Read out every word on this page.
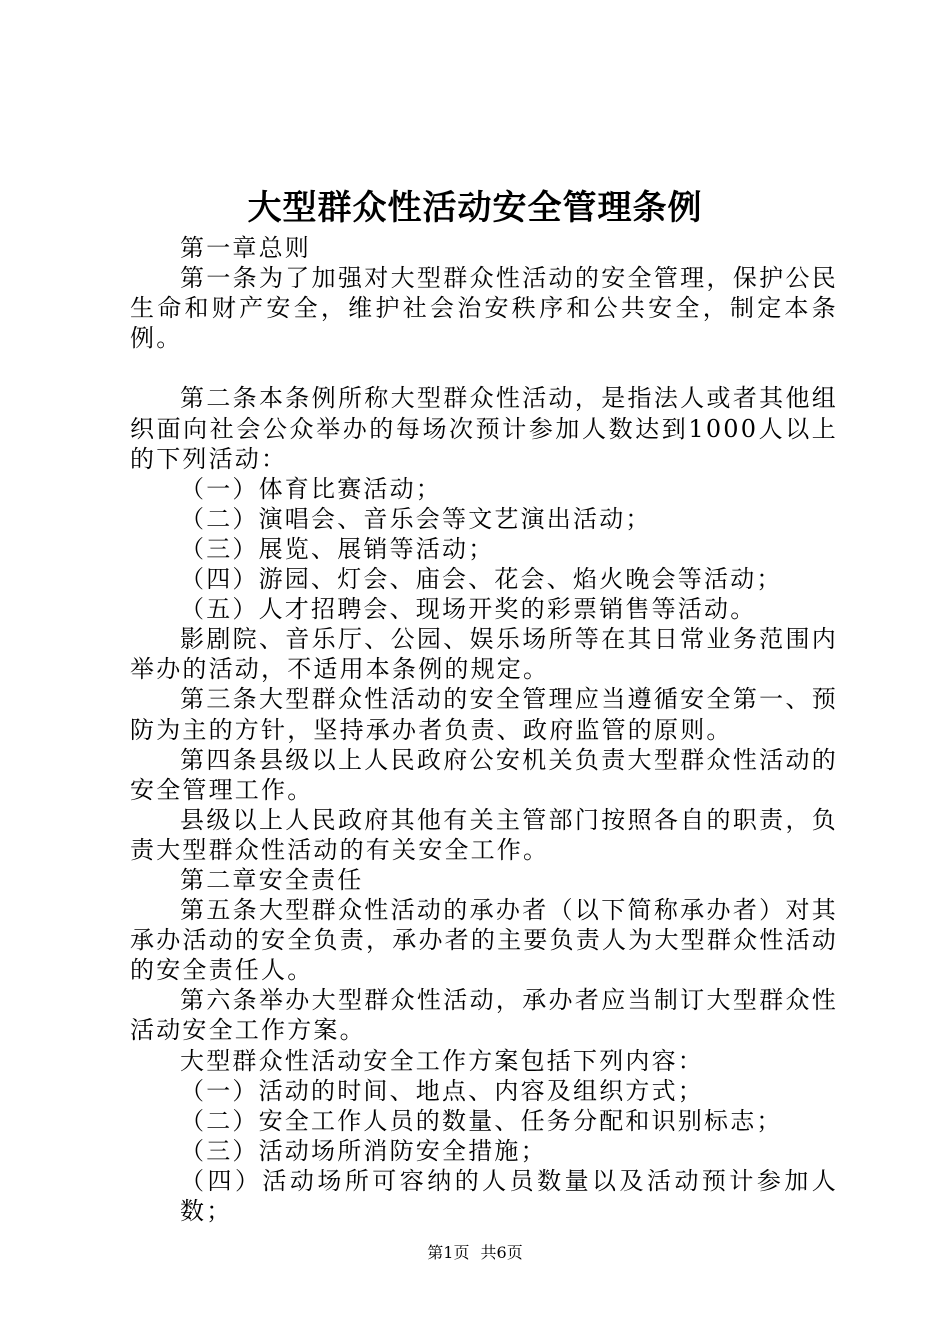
大型群众性活动安全管理条例

第一章总则

第一条为了加强对大型群众性活动的安全管理，保护公民生命和财产安全，维护社会治安秩序和公共安全，制定本条例。

第二条本条例所称大型群众性活动，是指法人或者其他组织面向社会公众举办的每场次预计参加人数达到1000人以上的下列活动：

（一）体育比赛活动；

（二）演唱会、音乐会等文艺演出活动；

（三）展览、展销等活动；

（四）游园、灯会、庙会、花会、焰火晚会等活动；

（五）人才招聘会、现场开奖的彩票销售等活动。

影剧院、音乐厅、公园、娱乐场所等在其日常业务范围内举办的活动，不适用本条例的规定。

第三条大型群众性活动的安全管理应当遵循安全第一、预防为主的方针，坚持承办者负责、政府监管的原则。

第四条县级以上人民政府公安机关负责大型群众性活动的安全管理工作。

县级以上人民政府其他有关主管部门按照各自的职责，负责大型群众性活动的有关安全工作。

第二章安全责任

第五条大型群众性活动的承办者（以下简称承办者）对其承办活动的安全负责，承办者的主要负责人为大型群众性活动的安全责任人。

第六条举办大型群众性活动，承办者应当制订大型群众性活动安全工作方案。

大型群众性活动安全工作方案包括下列内容：

（一）活动的时间、地点、内容及组织方式；

（二）安全工作人员的数量、任务分配和识别标志；

（三）活动场所消防安全措施；

（四）活动场所可容纳的人员数量以及活动预计参加人数；

第1页 共6页
